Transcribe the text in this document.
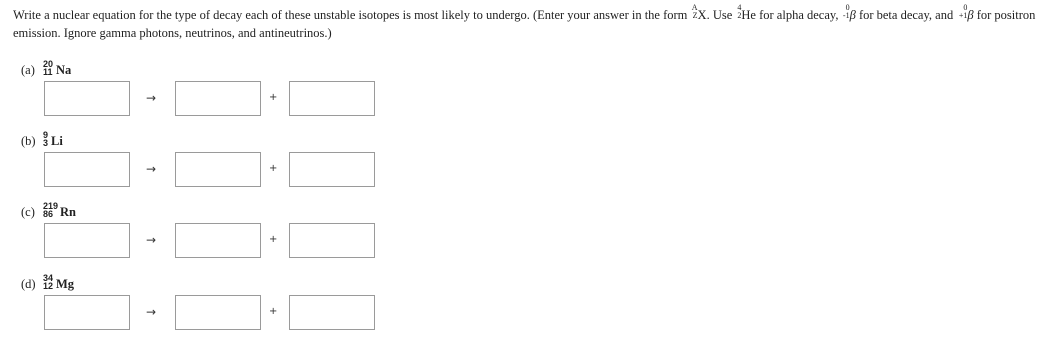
Write a nuclear equation for the type of decay each of these unstable isotopes is most likely to undergo. (Enter your answer in the form
A
Z X. Use
4
2 He for alpha decay,
0
-1 β for beta decay, and
0
+1 β for positron emission. Ignore gamma photons, neutrinos, and antineutrinos.)
(a) 20
11 Na
→	+
(b) 9
3 Li
→	+
(c) 219
86 Rn
→	+
(d) 34
12 Mg
→	+
